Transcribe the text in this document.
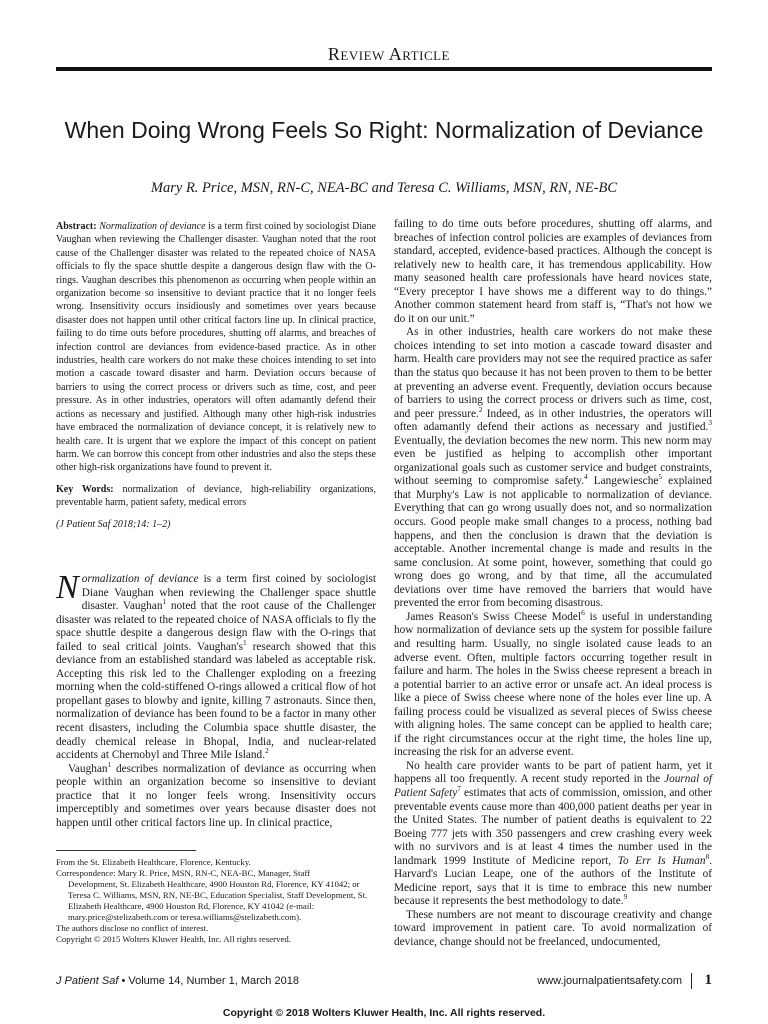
Review Article
When Doing Wrong Feels So Right: Normalization of Deviance
Mary R. Price, MSN, RN-C, NEA-BC and Teresa C. Williams, MSN, RN, NE-BC

Abstract: Normalization of deviance is a term first coined by sociologist Diane Vaughan when reviewing the Challenger disaster. Vaughan noted that the root cause of the Challenger disaster was related to the repeated choice of NASA officials to fly the space shuttle despite a dangerous design flaw with the O-rings. Vaughan describes this phenomenon as occurring when people within an organization become so insensitive to deviant practice that it no longer feels wrong. Insensitivity occurs insidiously and sometimes over years because disaster does not happen until other critical factors line up. In clinical practice, failing to do time outs before procedures, shutting off alarms, and breaches of infection control are deviances from evidence-based practice. As in other industries, health care workers do not make these choices intending to set into motion a cascade toward disaster and harm. Deviation occurs because of barriers to using the correct process or drivers such as time, cost, and peer pressure. As in other industries, operators will often adamantly defend their actions as necessary and justified. Although many other high-risk industries have embraced the normalization of deviance concept, it is relatively new to health care. It is urgent that we explore the impact of this concept on patient harm. We can borrow this concept from other industries and also the steps these other high-risk organizations have found to prevent it.

Key Words: normalization of deviance, high-reliability organizations, preventable harm, patient safety, medical errors

(J Patient Saf 2018;14: 1–2)

Normalization of deviance is a term first coined by sociologist Diane Vaughan when reviewing the Challenger space shuttle disaster. Vaughan$^1$ noted that the root cause of the Challenger disaster was related to the repeated choice of NASA officials to fly the space shuttle despite a dangerous design flaw with the O-rings that failed to seal critical joints. $Vaughan's^1$ research showed that this deviance from an established standard was labeled as acceptable risk. Accepting this risk led to the Challenger exploding on a freezing morning when the cold-stiffened O-rings allowed a critical flow of hot propellant gases to blowby and ignite, killing 7 astronauts. Since then, normalization of deviance has been found to be a factor in many other recent disasters, including the Columbia space shuttle disaster, the deadly chemical release in Bhopal, India, and nuclear-related accidents at Chernobyl and Three Mile Island.$^2$

Vaughan$^1$ describes normalization of deviance as occurring when people within an organization become so insensitive to deviant practice that it no longer feels wrong. Insensitivity occurs imperceptibly and sometimes over years because disaster does not happen until other critical factors line up. In clinical practice,

failing to do time outs before procedures, shutting off alarms, and breaches of infection control policies are examples of deviances from standard, accepted, evidence-based practices. Although the concept is relatively new to health care, it has tremendous applicability. How many seasoned health care professionals have heard novices state, “Every preceptor I have shows me a different way to do things.” Another common statement heard from staff is, “That's not how we do it on our unit.”

As in other industries, health care workers do not make these choices intending to set into motion a cascade toward disaster and harm. Health care providers may not see the required practice as safer than the status quo because it has not been proven to them to be better at preventing an adverse event. Frequently, deviation occurs because of barriers to using the correct process or drivers such as time, cost, and peer pressure.$^2$ Indeed, as in other industries, the operators will often adamantly defend their actions as necessary and justified.$^3$ Eventually, the deviation becomes the new norm. This new norm may even be justified as helping to accomplish other important organizational goals such as customer service and budget constraints, without seeming to compromise safety.$^4$ Langewiesche$^5$ explained that Murphy's Law is not applicable to normalization of deviance. Everything that can go wrong usually does not, and so normalization occurs. Good people make small changes to a process, nothing bad happens, and then the conclusion is drawn that the deviation is acceptable. Another incremental change is made and results in the same conclusion. At some point, however, something that could go wrong does go wrong, and by that time, all the accumulated deviations over time have removed the barriers that would have prevented the error from becoming disastrous.

James Reason's Swiss Cheese Model$^6$ is useful in understanding how normalization of deviance sets up the system for possible failure and resulting harm. Usually, no single isolated cause leads to an adverse event. Often, multiple factors occurring together result in failure and harm. The holes in the Swiss cheese represent a breach in a potential barrier to an active error or unsafe act. An ideal process is like a piece of Swiss cheese where none of the holes ever line up. A failing process could be visualized as several pieces of Swiss cheese with aligning holes. The same concept can be applied to health care; if the right circumstances occur at the right time, the holes line up, increasing the risk for an adverse event.

No health care provider wants to be part of patient harm, yet it happens all too frequently. A recent study reported in the Journal of Patient Safety$^7$ estimates that acts of commission, omission, and other preventable events cause more than 400,000 patient deaths per year in the United States. The number of patient deaths is equivalent to 22 Boeing 777 jets with 350 passengers and crew crashing every week with no survivors and is at least 4 times the number used in the landmark 1999 Institute of Medicine report, To Err Is Human$^8$. Harvard's Lucian Leape, one of the authors of the Institute of Medicine report, says that it is time to embrace this new number because it represents the best methodology to date.$^9$

These numbers are not meant to discourage creativity and change toward improvement in patient care. To avoid normalization of deviance, change should not be freelanced, undocumented,

From the St. Elizabeth Healthcare, Florence, Kentucky.
Correspondence: Mary R. Price, MSN, RN-C, NEA-BC, Manager, Staff
Development, St. Elizabeth Healthcare, 4900 Houston Rd, Florence, KY 41042; or Teresa C. Williams, MSN, RN, NE-BC, Education Specialist, Staff Development, St. Elizabeth Healthcare, 4900 Houston Rd, Florence, KY 41042 (e-mail: mary.price@stelizabeth.com or teresa.williams@stelizabeth.com).
The authors disclose no conflict of interest.
Copyright © 2015 Wolters Kluwer Health, Inc. All rights reserved.
J Patient Saf • Volume 14, Number 1, March 2018	www.journalpatientsafety.com 1
Copyright © 2018 Wolters Kluwer Health, Inc. All rights reserved.
